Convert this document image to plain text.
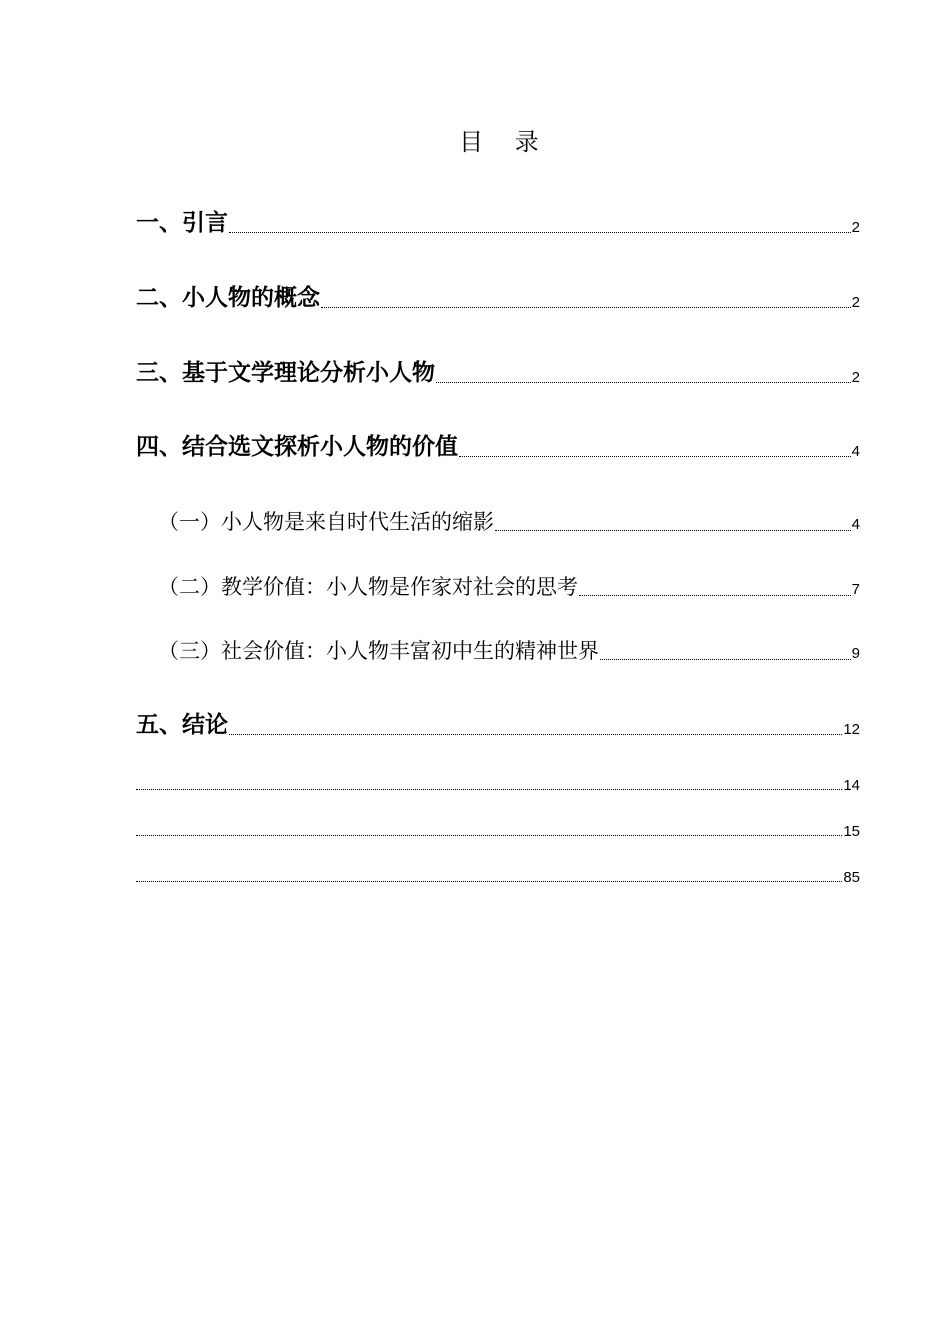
目 录
一、引言	2
二、小人物的概念	2
三、基于文学理论分析小人物	2
四、结合选文探析小人物的价值	4
（一）小人物是来自时代生活的缩影	4
（二）教学价值：小人物是作家对社会的思考	7
（三）社会价值：小人物丰富初中生的精神世界	9
五、结论	12
14
15
85
